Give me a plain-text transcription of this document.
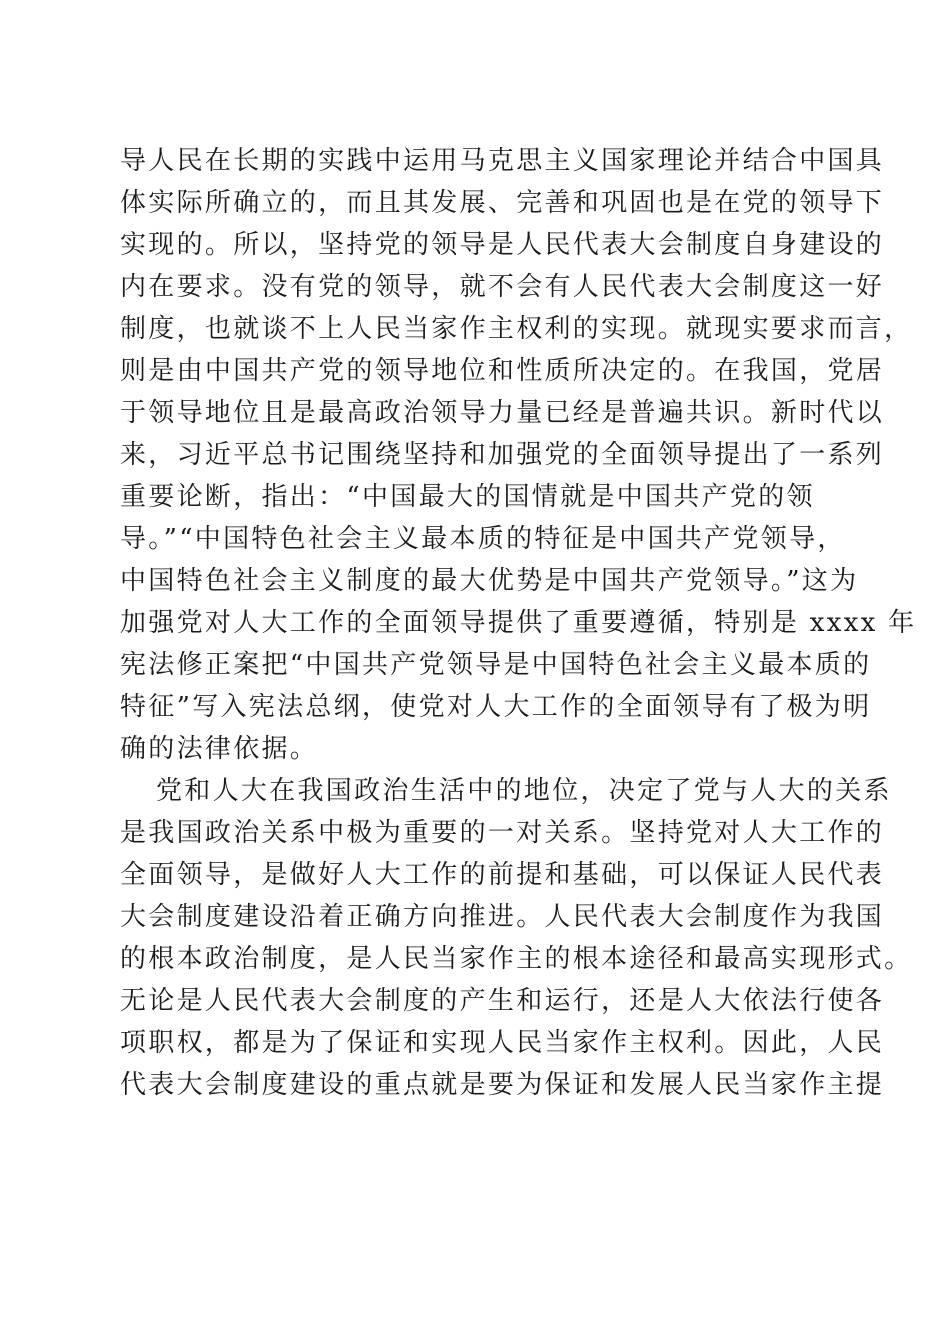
导人民在长期的实践中运用马克思主义国家理论并结合中国具
体实际所确立的，而且其发展、完善和巩固也是在党的领导下
实现的。所以，坚持党的领导是人民代表大会制度自身建设的
内在要求。没有党的领导，就不会有人民代表大会制度这一好
制度，也就谈不上人民当家作主权利的实现。就现实要求而言，
则是由中国共产党的领导地位和性质所决定的。在我国，党居
于领导地位且是最高政治领导力量已经是普遍共识。新时代以
来，习近平总书记围绕坚持和加强党的全面领导提出了一系列
重要论断，指出：“中国最大的国情就是中国共产党的领
导。”“中国特色社会主义最本质的特征是中国共产党领导，
中国特色社会主义制度的最大优势是中国共产党领导。”这为
加强党对人大工作的全面领导提供了重要遵循，特别是 xxxx 年
宪法修正案把“中国共产党领导是中国特色社会主义最本质的
特征”写入宪法总纲，使党对人大工作的全面领导有了极为明
确的法律依据。
党和人大在我国政治生活中的地位，决定了党与人大的关系
是我国政治关系中极为重要的一对关系。坚持党对人大工作的
全面领导，是做好人大工作的前提和基础，可以保证人民代表
大会制度建设沿着正确方向推进。人民代表大会制度作为我国
的根本政治制度，是人民当家作主的根本途径和最高实现形式。
无论是人民代表大会制度的产生和运行，还是人大依法行使各
项职权，都是为了保证和实现人民当家作主权利。因此，人民
代表大会制度建设的重点就是要为保证和发展人民当家作主提
